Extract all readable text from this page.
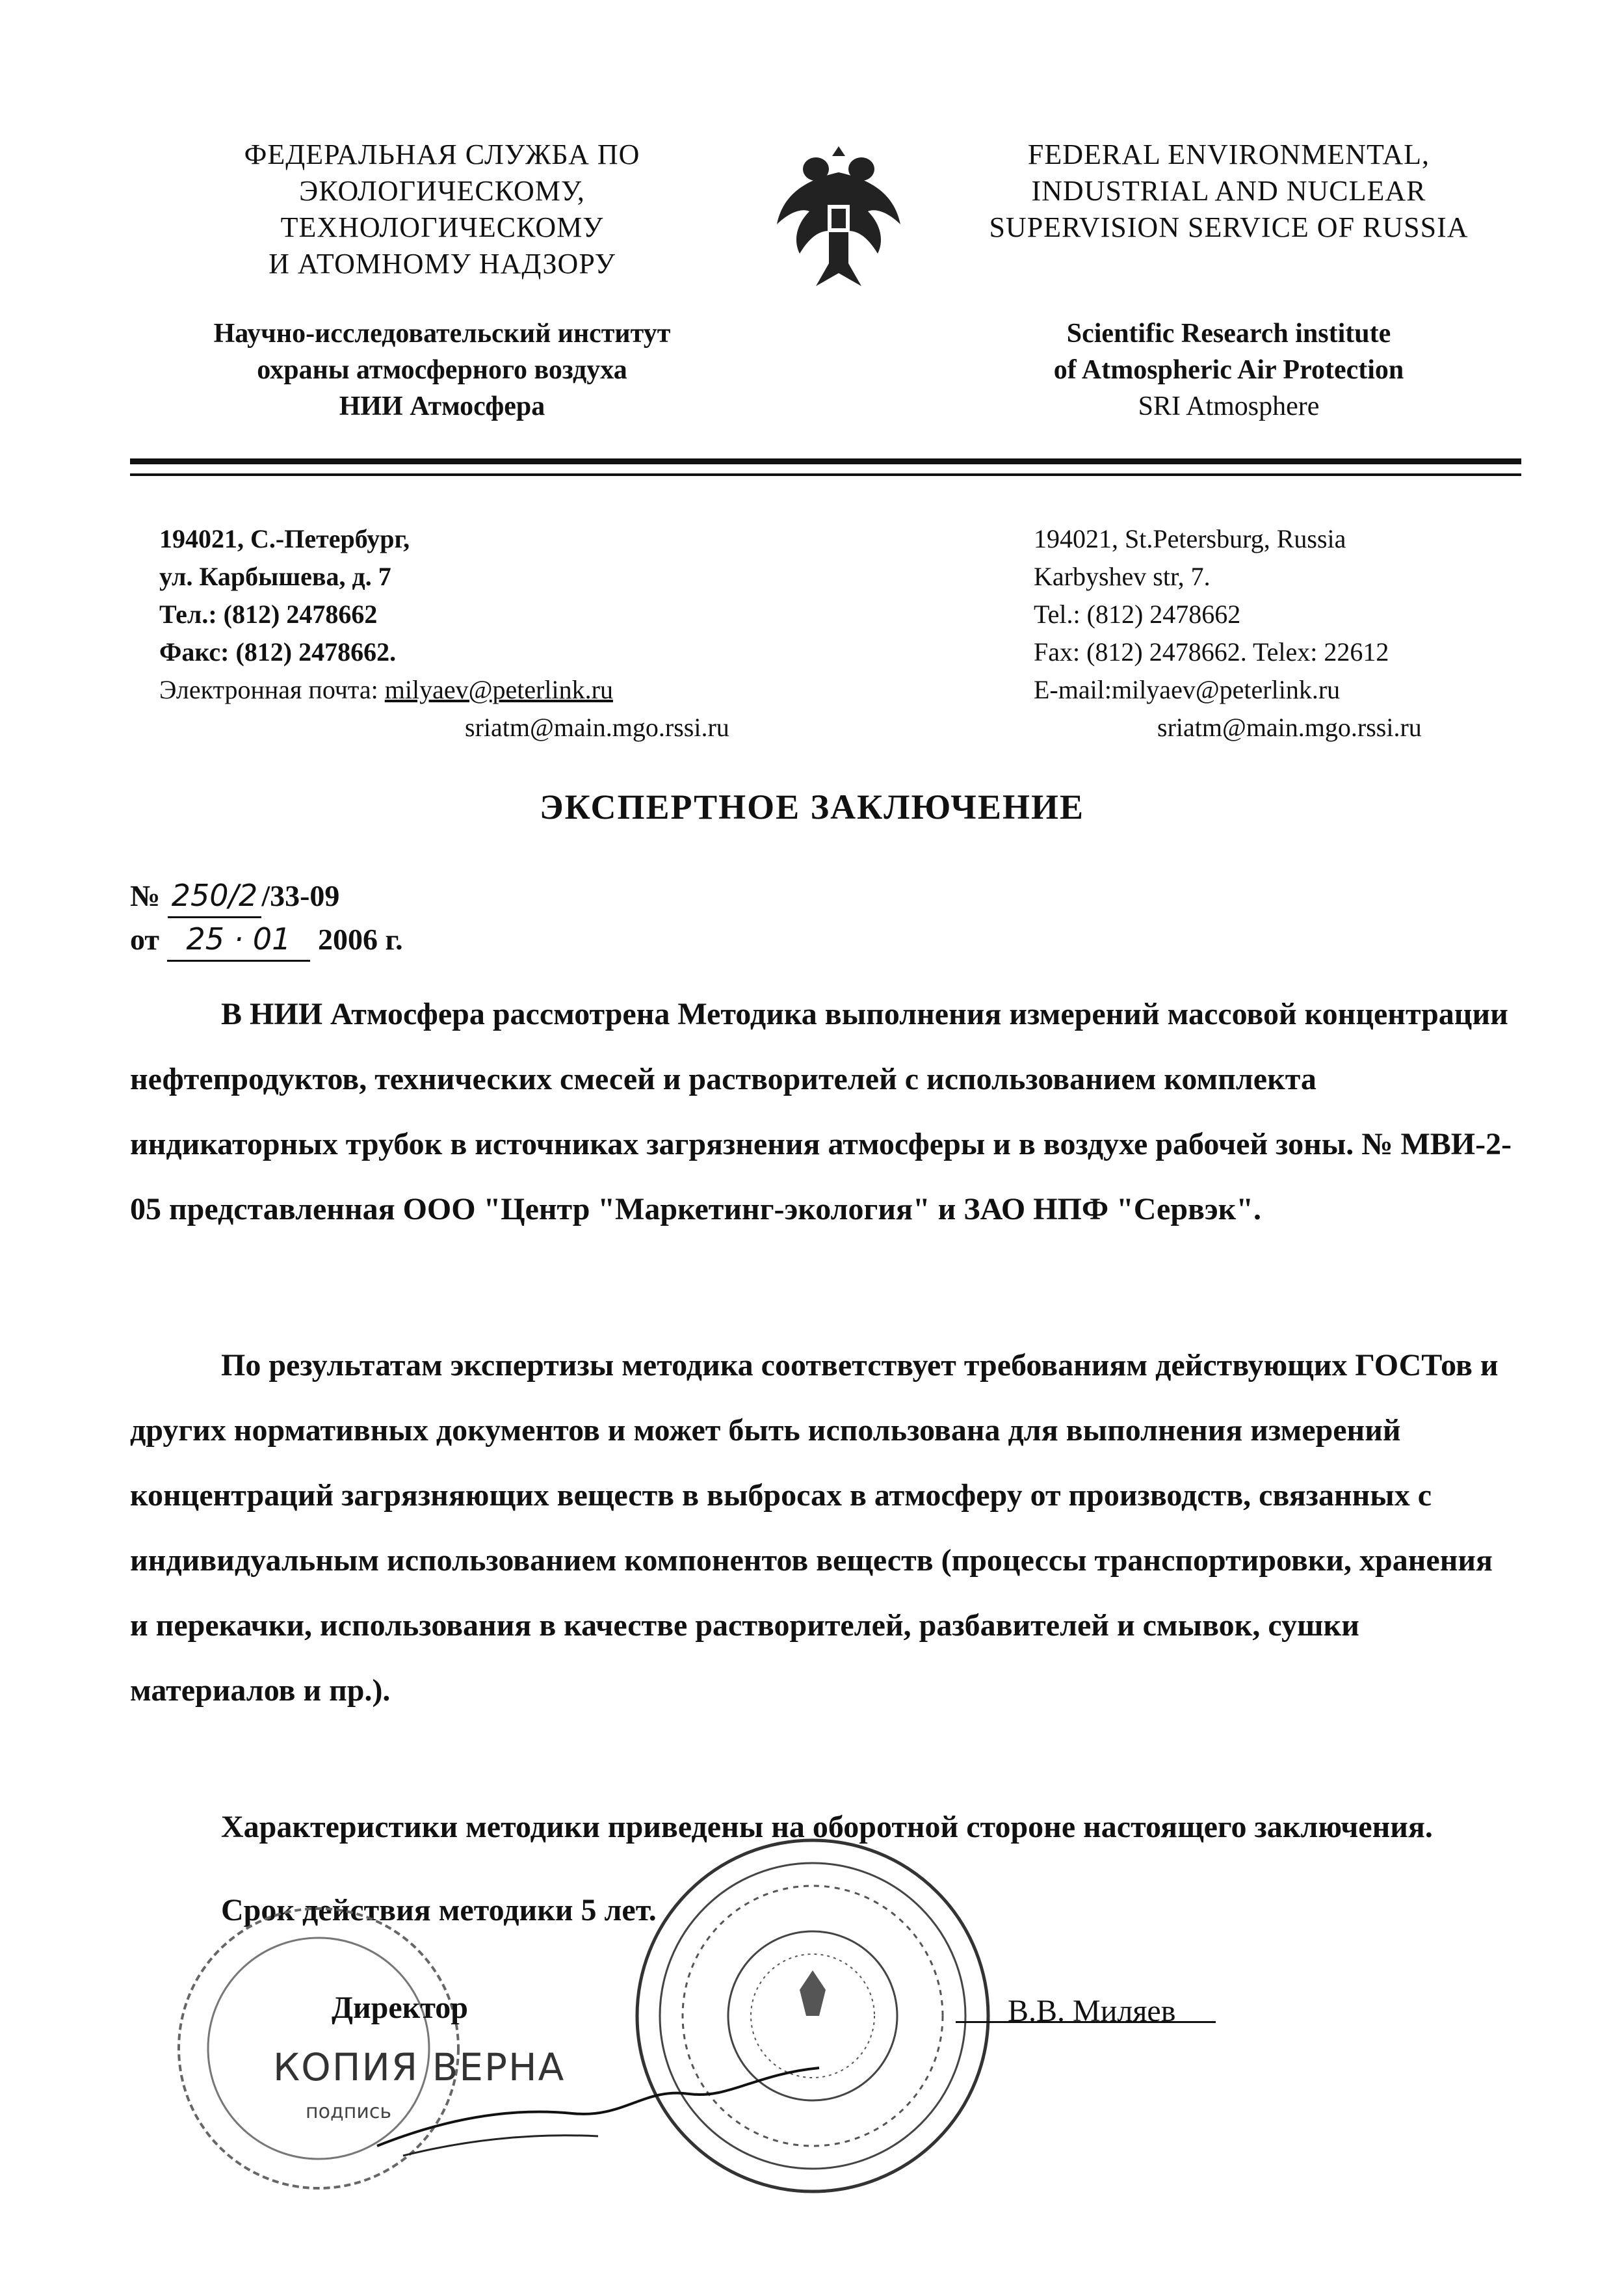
ФЕДЕРАЛЬНАЯ СЛУЖБА ПО
ЭКОЛОГИЧЕСКОМУ,
ТЕХНОЛОГИЧЕСКОМУ
И АТОМНОМУ НАДЗОРУ
FEDERAL ENVIRONMENTAL,
INDUSTRIAL AND NUCLEAR
SUPERVISION SERVICE OF RUSSIA
Научно-исследовательский институт
охраны атмосферного воздуха
НИИ Атмосфера
Scientific Research institute
of Atmospheric Air Protection
SRI Atmosphere
194021, С.-Петербург,
ул. Карбышева, д. 7
Тел.: (812) 2478662
Факс: (812) 2478662.
Электронная почта: milyaev@peterlink.ru
sriatm@main.mgo.rssi.ru
194021, St.Petersburg, Russia
Karbyshev str, 7.
Tel.: (812) 2478662
Fax: (812) 2478662. Telex: 22612
E-mail:milyaev@peterlink.ru
sriatm@main.mgo.rssi.ru
ЭКСПЕРТНОЕ ЗАКЛЮЧЕНИЕ
№ 250/2 /33-09
от 25 · 01 2006 г.

В НИИ Атмосфера рассмотрена Методика выполнения измерений массовой концентрации нефтепродуктов, технических смесей и растворителей с использованием комплекта индикаторных трубок в источниках загрязнения атмосферы и в воздухе рабочей зоны. № МВИ-2-05 представленная ООО "Центр "Маркетинг-экология" и ЗАО НПФ "Сервэк".

По результатам экспертизы методика соответствует требованиям действующих ГОСТов и других нормативных документов и может быть использована для выполнения измерений концентраций загрязняющих веществ в выбросах в атмосферу от производств, связанных с индивидуальным использованием компонентов веществ (процессы транспортировки, хранения и перекачки, использования в качестве растворителей, разбавителей и смывок, сушки материалов и пр.).

Характеристики методики приведены на оборотной стороне настоящего заключения.

Срок действия методики 5 лет.
Директор	В.В. Миляев
КОПИЯ ВЕРНА
подпись
